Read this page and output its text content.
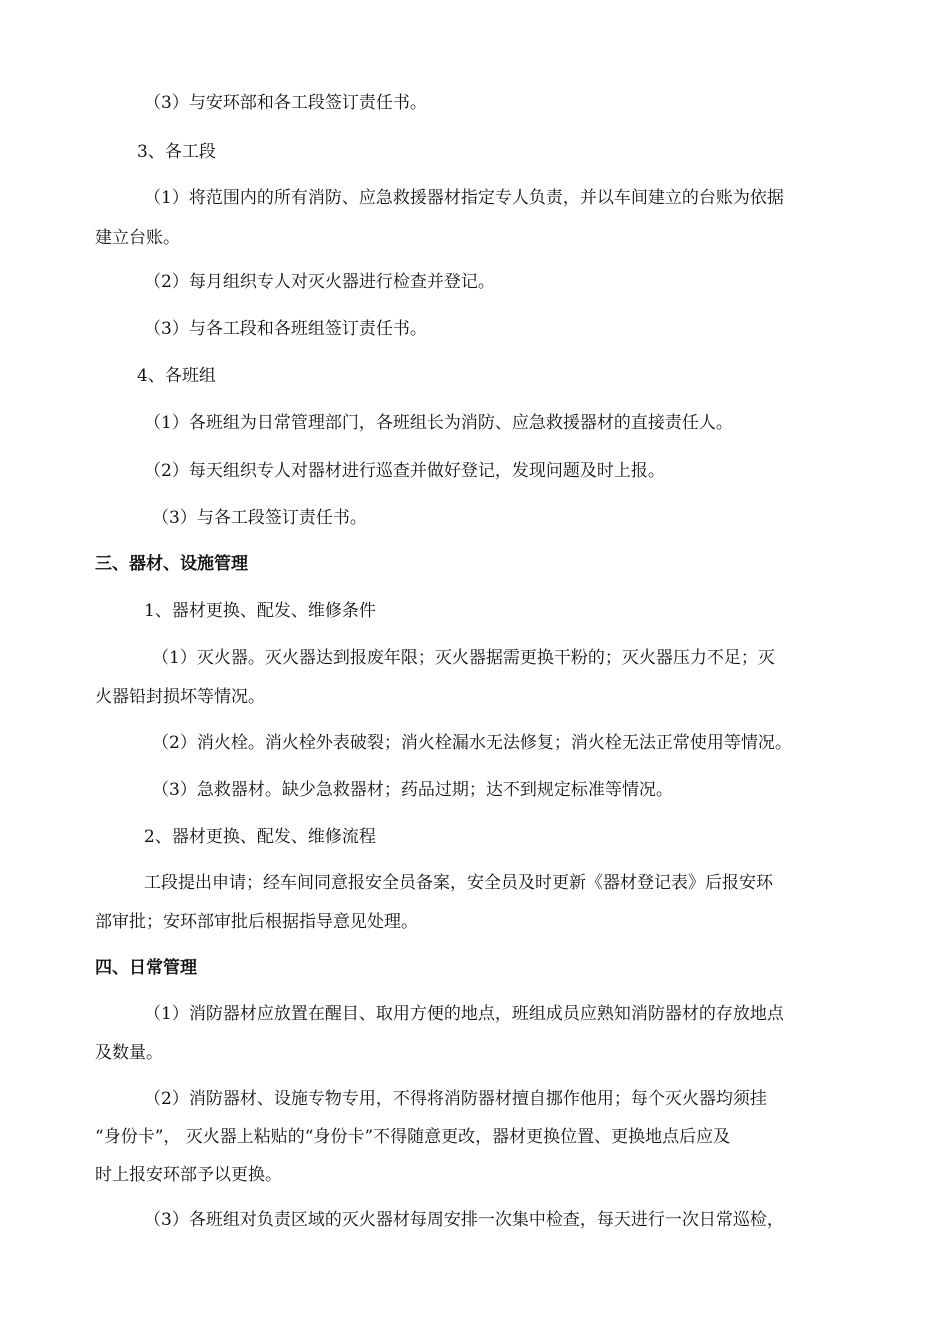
（3）与安环部和各工段签订责任书。
3、各工段
（1）将范围内的所有消防、应急救援器材指定专人负责，并以车间建立的台账为依据
建立台账。
（2）每月组织专人对灭火器进行检查并登记。
（3）与各工段和各班组签订责任书。
4、各班组
（1）各班组为日常管理部门，各班组长为消防、应急救援器材的直接责任人。
（2）每天组织专人对器材进行巡查并做好登记，发现问题及时上报。
（3）与各工段签订责任书。
三、器材、设施管理
1、器材更换、配发、维修条件
（1）灭火器。灭火器达到报废年限；灭火器据需更换干粉的；灭火器压力不足；灭
火器铅封损坏等情况。
（2）消火栓。消火栓外表破裂；消火栓漏水无法修复；消火栓无法正常使用等情况。
（3）急救器材。缺少急救器材；药品过期；达不到规定标准等情况。
2、器材更换、配发、维修流程
工段提出申请；经车间同意报安全员备案，安全员及时更新《器材登记表》后报安环
部审批；安环部审批后根据指导意见处理。
四、日常管理
（1）消防器材应放置在醒目、取用方便的地点，班组成员应熟知消防器材的存放地点
及数量。
（2）消防器材、设施专物专用，不得将消防器材擅自挪作他用；每个灭火器均须挂
“身份卡”， 灭火器上粘贴的“身份卡”不得随意更改，器材更换位置、更换地点后应及
时上报安环部予以更换。
（3）各班组对负责区域的灭火器材每周安排一次集中检查，每天进行一次日常巡检，
